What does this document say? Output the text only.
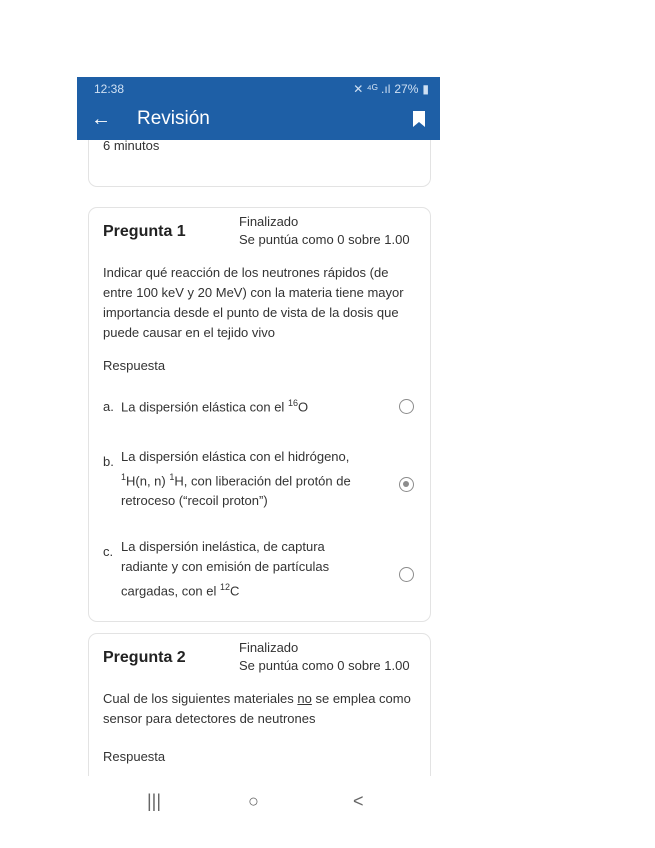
12:38	✕ ⁴ᴳ .ıl 27% ▮
← Revisión
6 minutos
Pregunta 1
Finalizado
Se puntúa como 0 sobre 1.00
Indicar qué reacción de los neutrones rápidos (de entre 100 keV y 20 MeV) con la materia tiene mayor importancia desde el punto de vista de la dosis que puede causar en el tejido vivo
Respuesta
a. La dispersión elástica con el $^{16}$O
b. La dispersión elástica con el hidrógeno, $^1$H(n, n) $^1$H, con liberación del protón de retroceso (“recoil proton”)
c. La dispersión inelástica, de captura radiante y con emisión de partículas cargadas, con el $^{12}$C
Pregunta 2
Finalizado
Se puntúa como 0 sobre 1.00
Cual de los siguientes materiales no se emplea como sensor para detectores de neutrones
Respuesta
|||	○	<
